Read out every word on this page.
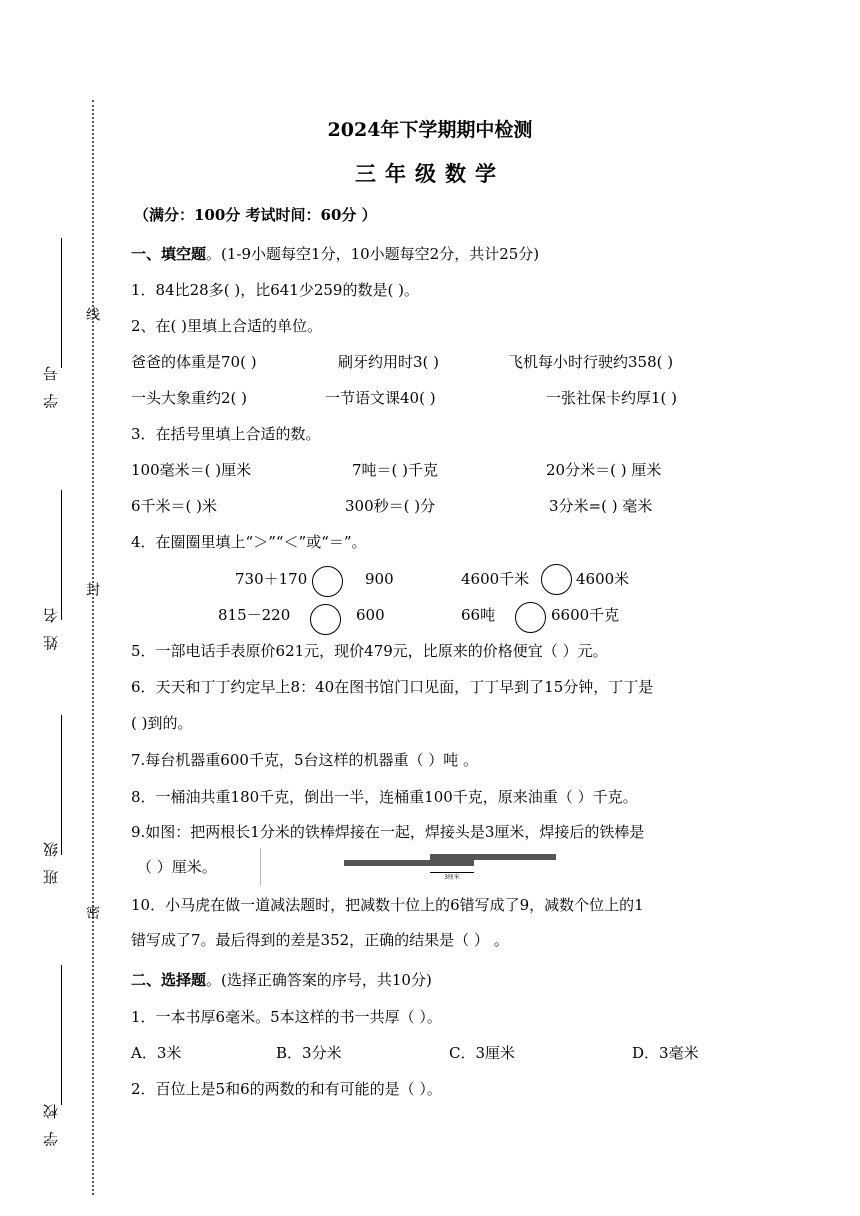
学 校
班 级
姓 名
学 号
线
封
密
2024年下学期期中检测
三年级数学
（满分：100分 考试时间：60分 ）
一、填空题。(1-9小题每空1分，10小题每空2分，共计25分)
1．84比28多( )，比641少259的数是( )。
2、在( )里填上合适的单位。
爸爸的体重是70( )	刷牙约用时3( )	飞机每小时行驶约358( )
一头大象重约2( )	一节语文课40( )	一张社保卡约厚1( )
3．在括号里填上合适的数。
100毫米＝( )厘米	7吨＝( )千克	20分米＝( ) 厘米
6千米＝( )米	300秒＝( )分	3分米=( ) 毫米
4．在圈圈里填上“＞”“＜”或“＝”。
730＋170	900	4600千米	4600米
815－220	600	66吨	6600千克
5．一部电话手表原价621元，现价479元，比原来的价格便宜（ ）元。
6．天天和丁丁约定早上8：40在图书馆门口见面，丁丁早到了15分钟，丁丁是
( )到的。
7.每台机器重600千克，5台这样的机器重（ ）吨 。
8．一桶油共重180千克，倒出一半，连桶重100千克，原来油重（ ）千克。
9.如图：把两根长1分米的铁棒焊接在一起，焊接头是3厘米，焊接后的铁棒是
（ ）厘米。
3厘米
10．小马虎在做一道减法题时，把减数十位上的6错写成了9，减数个位上的1
错写成了7。最后得到的差是352，正确的结果是（ ） 。
二、选择题。(选择正确答案的序号，共10分)
1．一本书厚6毫米。5本这样的书一共厚（ ）。
A．3米	B．3分米	C．3厘米	D．3毫米
2．百位上是5和6的两数的和有可能的是（ ）。
